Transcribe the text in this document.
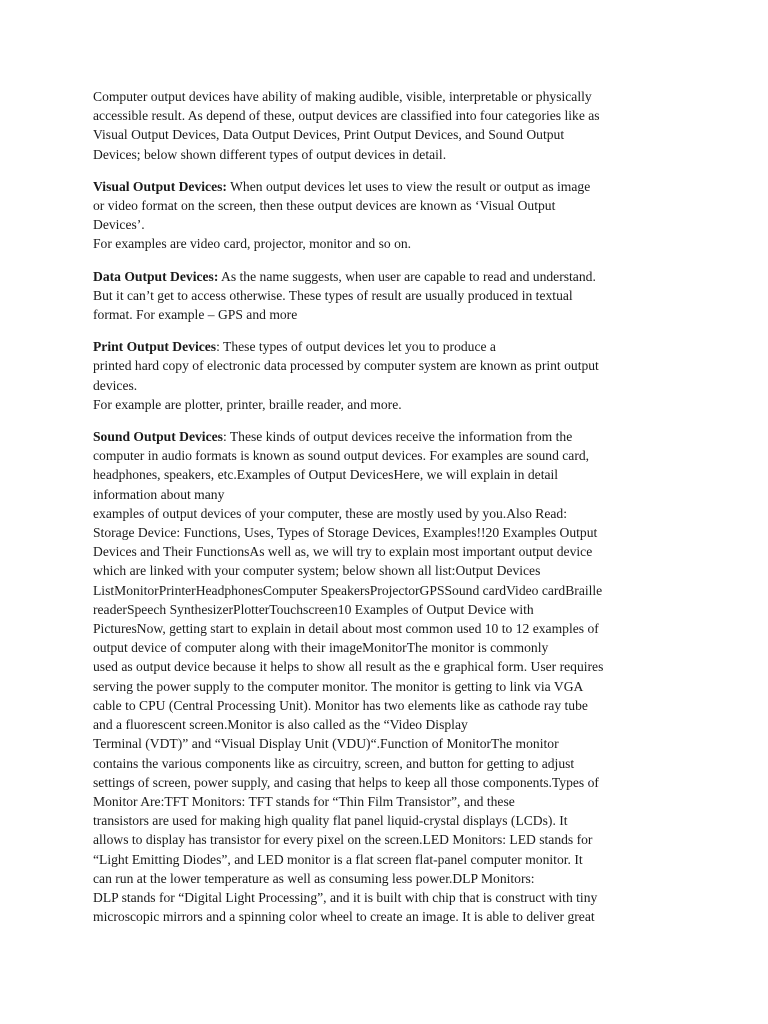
Computer output devices have ability of making audible, visible, interpretable or physically
accessible result. As depend of these, output devices are classified into four categories like as
Visual Output Devices, Data Output Devices, Print Output Devices, and Sound Output
Devices; below shown different types of output devices in detail.

Visual Output Devices: When output devices let uses to view the result or output as image
or video format on the screen, then these output devices are known as ‘Visual Output
Devices’.
For examples are video card, projector, monitor and so on.

Data Output Devices: As the name suggests, when user are capable to read and understand.
But it can’t get to access otherwise. These types of result are usually produced in textual
format. For example – GPS and more

Print Output Devices: These types of output devices let you to produce a
printed hard copy of electronic data processed by computer system are known as print output
devices.
For example are plotter, printer, braille reader, and more.

Sound Output Devices: These kinds of output devices receive the information from the
computer in audio formats is known as sound output devices. For examples are sound card,
headphones, speakers, etc.Examples of Output DevicesHere, we will explain in detail
information about many
examples of output devices of your computer, these are mostly used by you.Also Read:
Storage Device: Functions, Uses, Types of Storage Devices, Examples!!20 Examples Output
Devices and Their FunctionsAs well as, we will try to explain most important output device
which are linked with your computer system; below shown all list:Output Devices
ListMonitorPrinterHeadphonesComputer SpeakersProjectorGPSSound cardVideo cardBraille
readerSpeech SynthesizerPlotterTouchscreen10 Examples of Output Device with
PicturesNow, getting start to explain in detail about most common used 10 to 12 examples of
output device of computer along with their imageMonitorThe monitor is commonly
used as output device because it helps to show all result as the e graphical form. User requires
serving the power supply to the computer monitor. The monitor is getting to link via VGA
cable to CPU (Central Processing Unit). Monitor has two elements like as cathode ray tube
and a fluorescent screen.Monitor is also called as the “Video Display
Terminal (VDT)” and “Visual Display Unit (VDU)“.Function of MonitorThe monitor
contains the various components like as circuitry, screen, and button for getting to adjust
settings of screen, power supply, and casing that helps to keep all those components.Types of
Monitor Are:TFT Monitors: TFT stands for “Thin Film Transistor”, and these
transistors are used for making high quality flat panel liquid-crystal displays (LCDs). It
allows to display has transistor for every pixel on the screen.LED Monitors: LED stands for
“Light Emitting Diodes”, and LED monitor is a flat screen flat-panel computer monitor. It
can run at the lower temperature as well as consuming less power.DLP Monitors:
DLP stands for “Digital Light Processing”, and it is built with chip that is construct with tiny
microscopic mirrors and a spinning color wheel to create an image. It is able to deliver great
